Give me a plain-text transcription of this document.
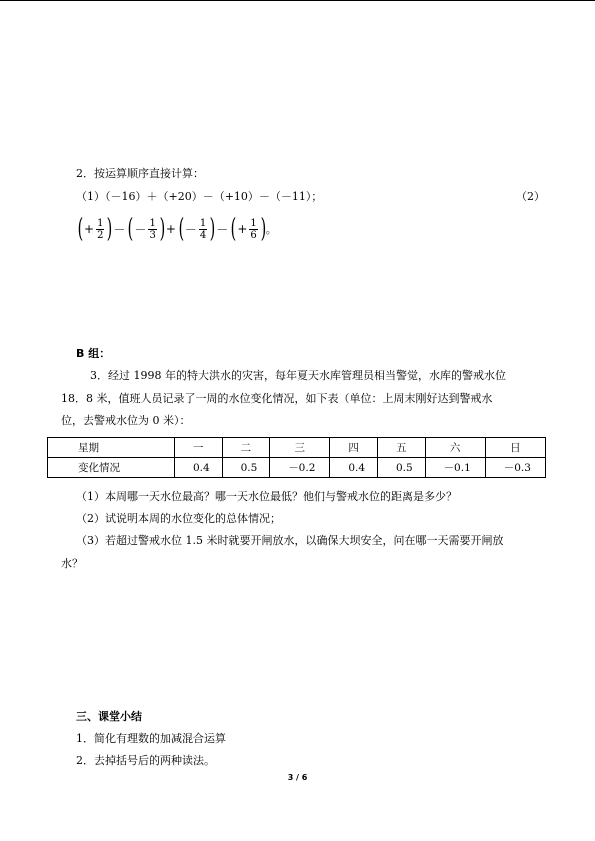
2．按运算顺序直接计算：
（1）（－16）＋（+20）－（+10）－（－11）；	（2）
( + $\frac{1}{2}$ ) － ( － $\frac{1}{3}$ ) + ( － $\frac{1}{4}$ ) － ( + $\frac{1}{6}$ ) 。
B 组：
3．经过 1998 年的特大洪水的灾害，每年夏天水库管理员相当警觉，水库的警戒水位
18．8 米，值班人员记录了一周的水位变化情况，如下表（单位：上周末刚好达到警戒水
位，去警戒水位为 0 米）：
星期	一	二	三	四	五	六	日
变化情况	0.4	0.5	－0.2	0.4	0.5	－0.1	－0.3
（1）本周哪一天水位最高？哪一天水位最低？他们与警戒水位的距离是多少？
（2）试说明本周的水位变化的总体情况；
（3）若超过警戒水位 1.5 米时就要开闸放水，以确保大坝安全，问在哪一天需要开闸放
水？
三、课堂小结
1．简化有理数的加减混合运算
2．去掉括号后的两种读法。
3 / 6
